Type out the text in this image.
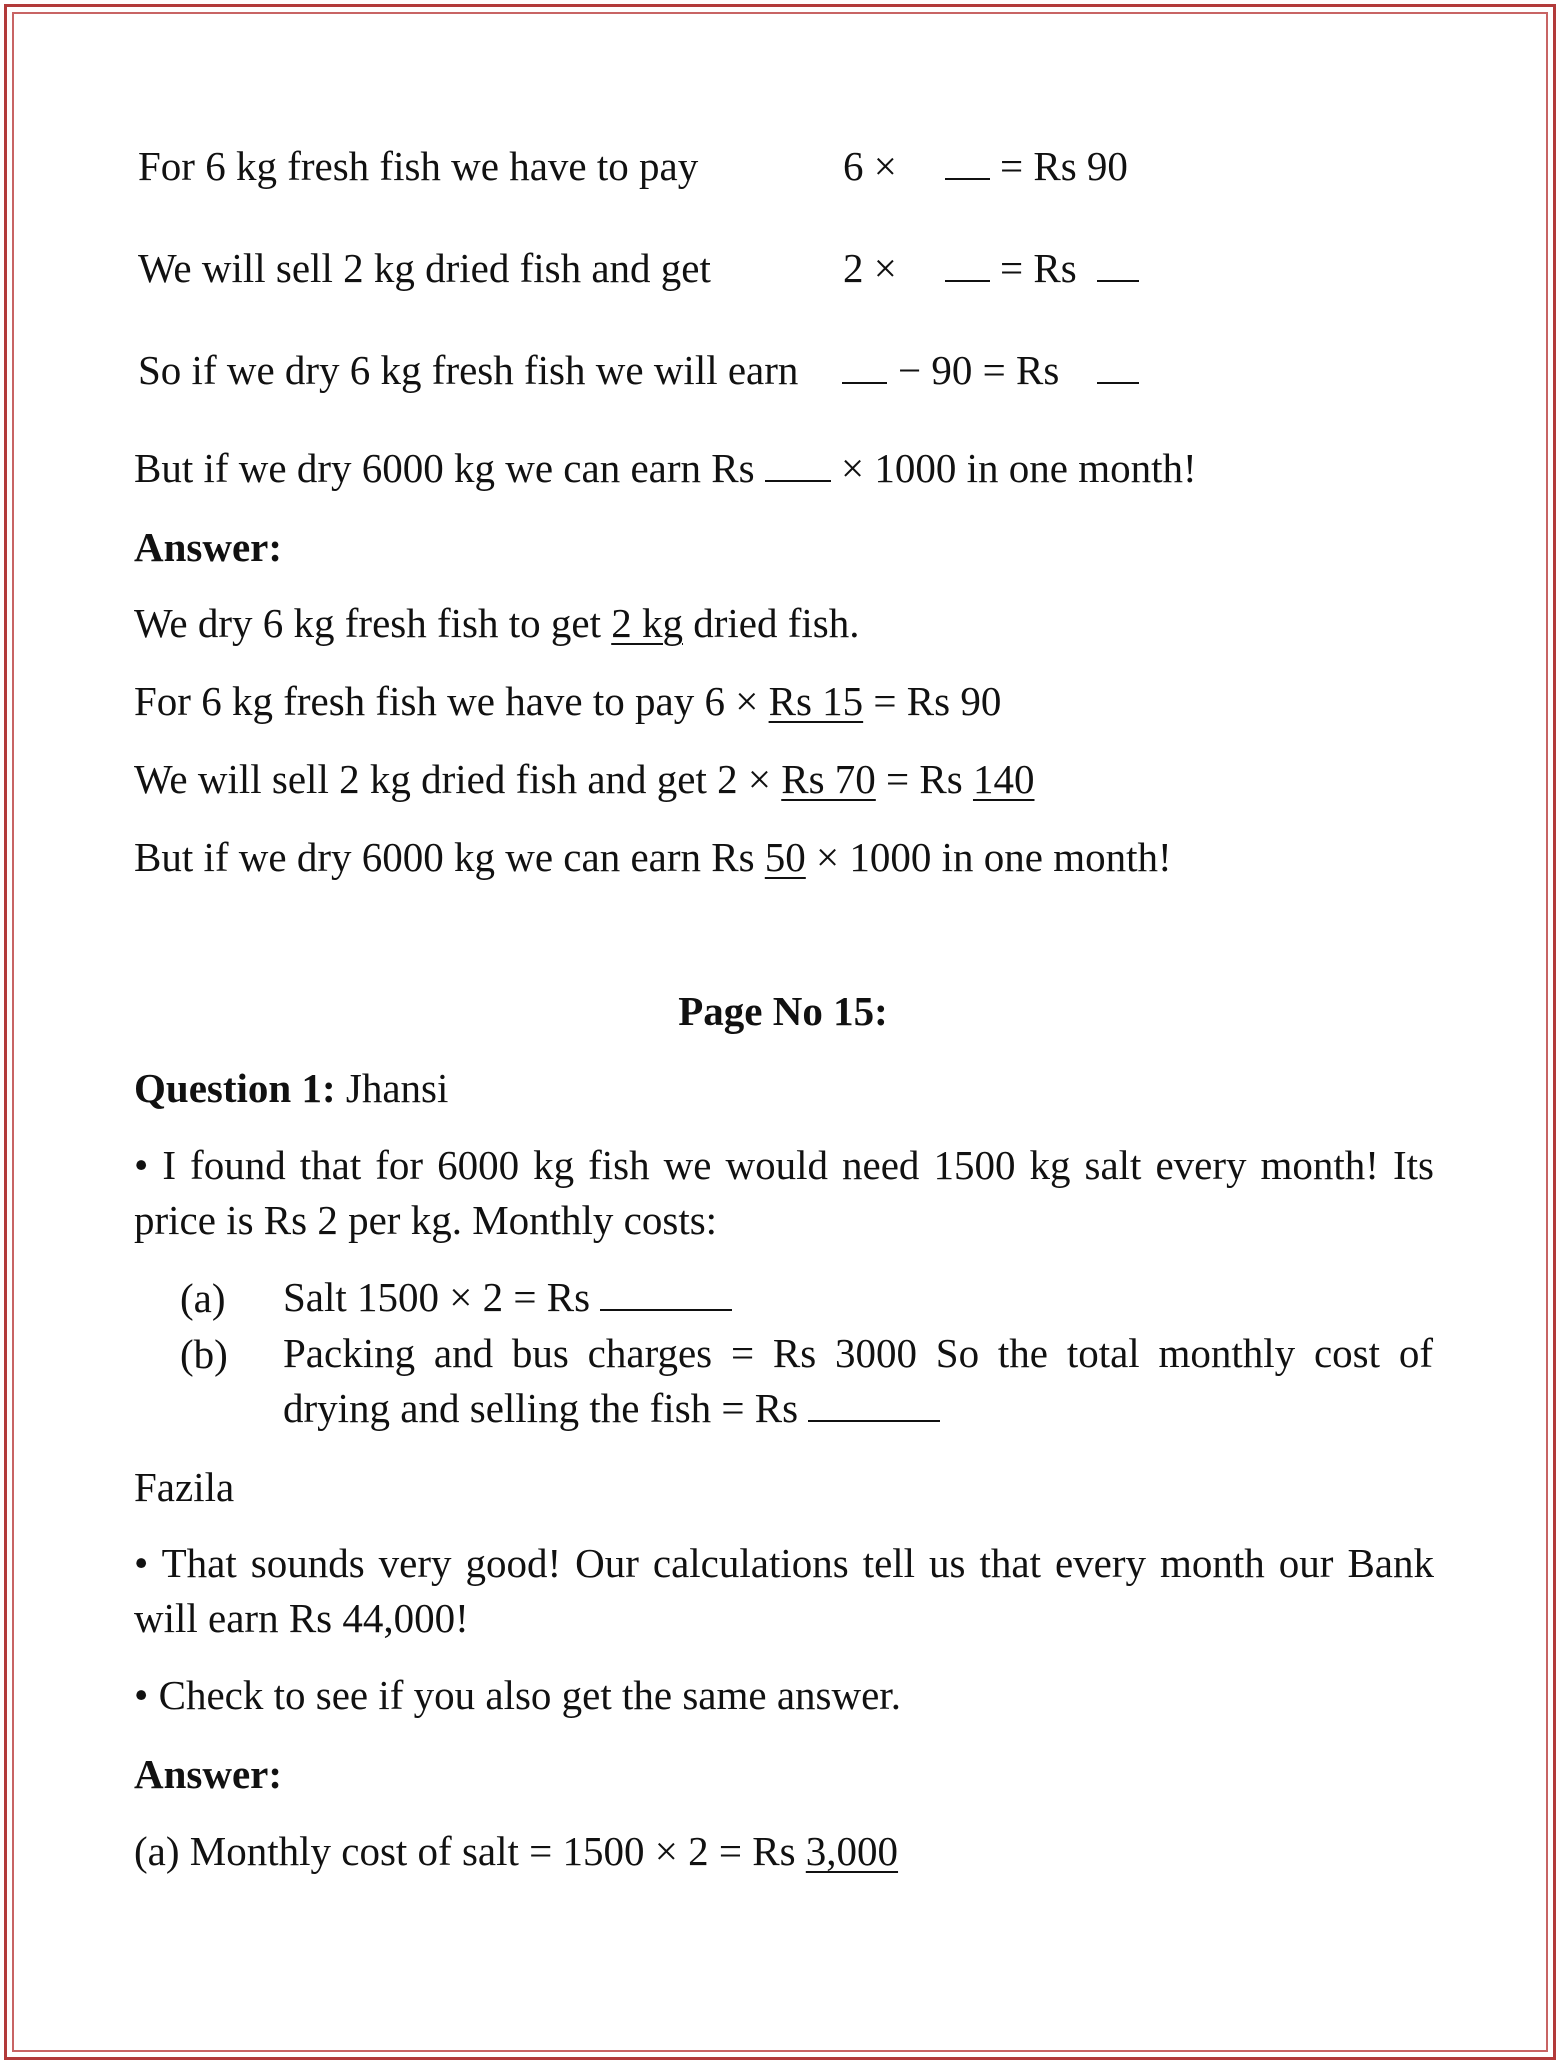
For 6 kg fresh fish we have to pay	6 ×	= Rs 90
We will sell 2 kg dried fish and get	2 ×	= Rs
So if we dry 6 kg fresh fish we will earn − 90 = Rs
But if we dry 6000 kg we can earn Rs × 1000 in one month!
Answer:
We dry 6 kg fresh fish to get 2 kg dried fish.
For 6 kg fresh fish we have to pay 6 × Rs 15 = Rs 90
We will sell 2 kg dried fish and get 2 × Rs 70 = Rs 140
But if we dry 6000 kg we can earn Rs 50 × 1000 in one month!
Page No 15:
Question 1: Jhansi
• I found that for 6000 kg fish we would need 1500 kg salt every month! Its price is Rs 2 per kg. Monthly costs:
(a) Salt 1500 × 2 = Rs
(b) Packing and bus charges = Rs 3000 So the total monthly cost of drying and selling the fish = Rs
Fazila
• That sounds very good! Our calculations tell us that every month our Bank will earn Rs 44,000!
• Check to see if you also get the same answer.
Answer:
(a) Monthly cost of salt = 1500 × 2 = Rs 3,000
